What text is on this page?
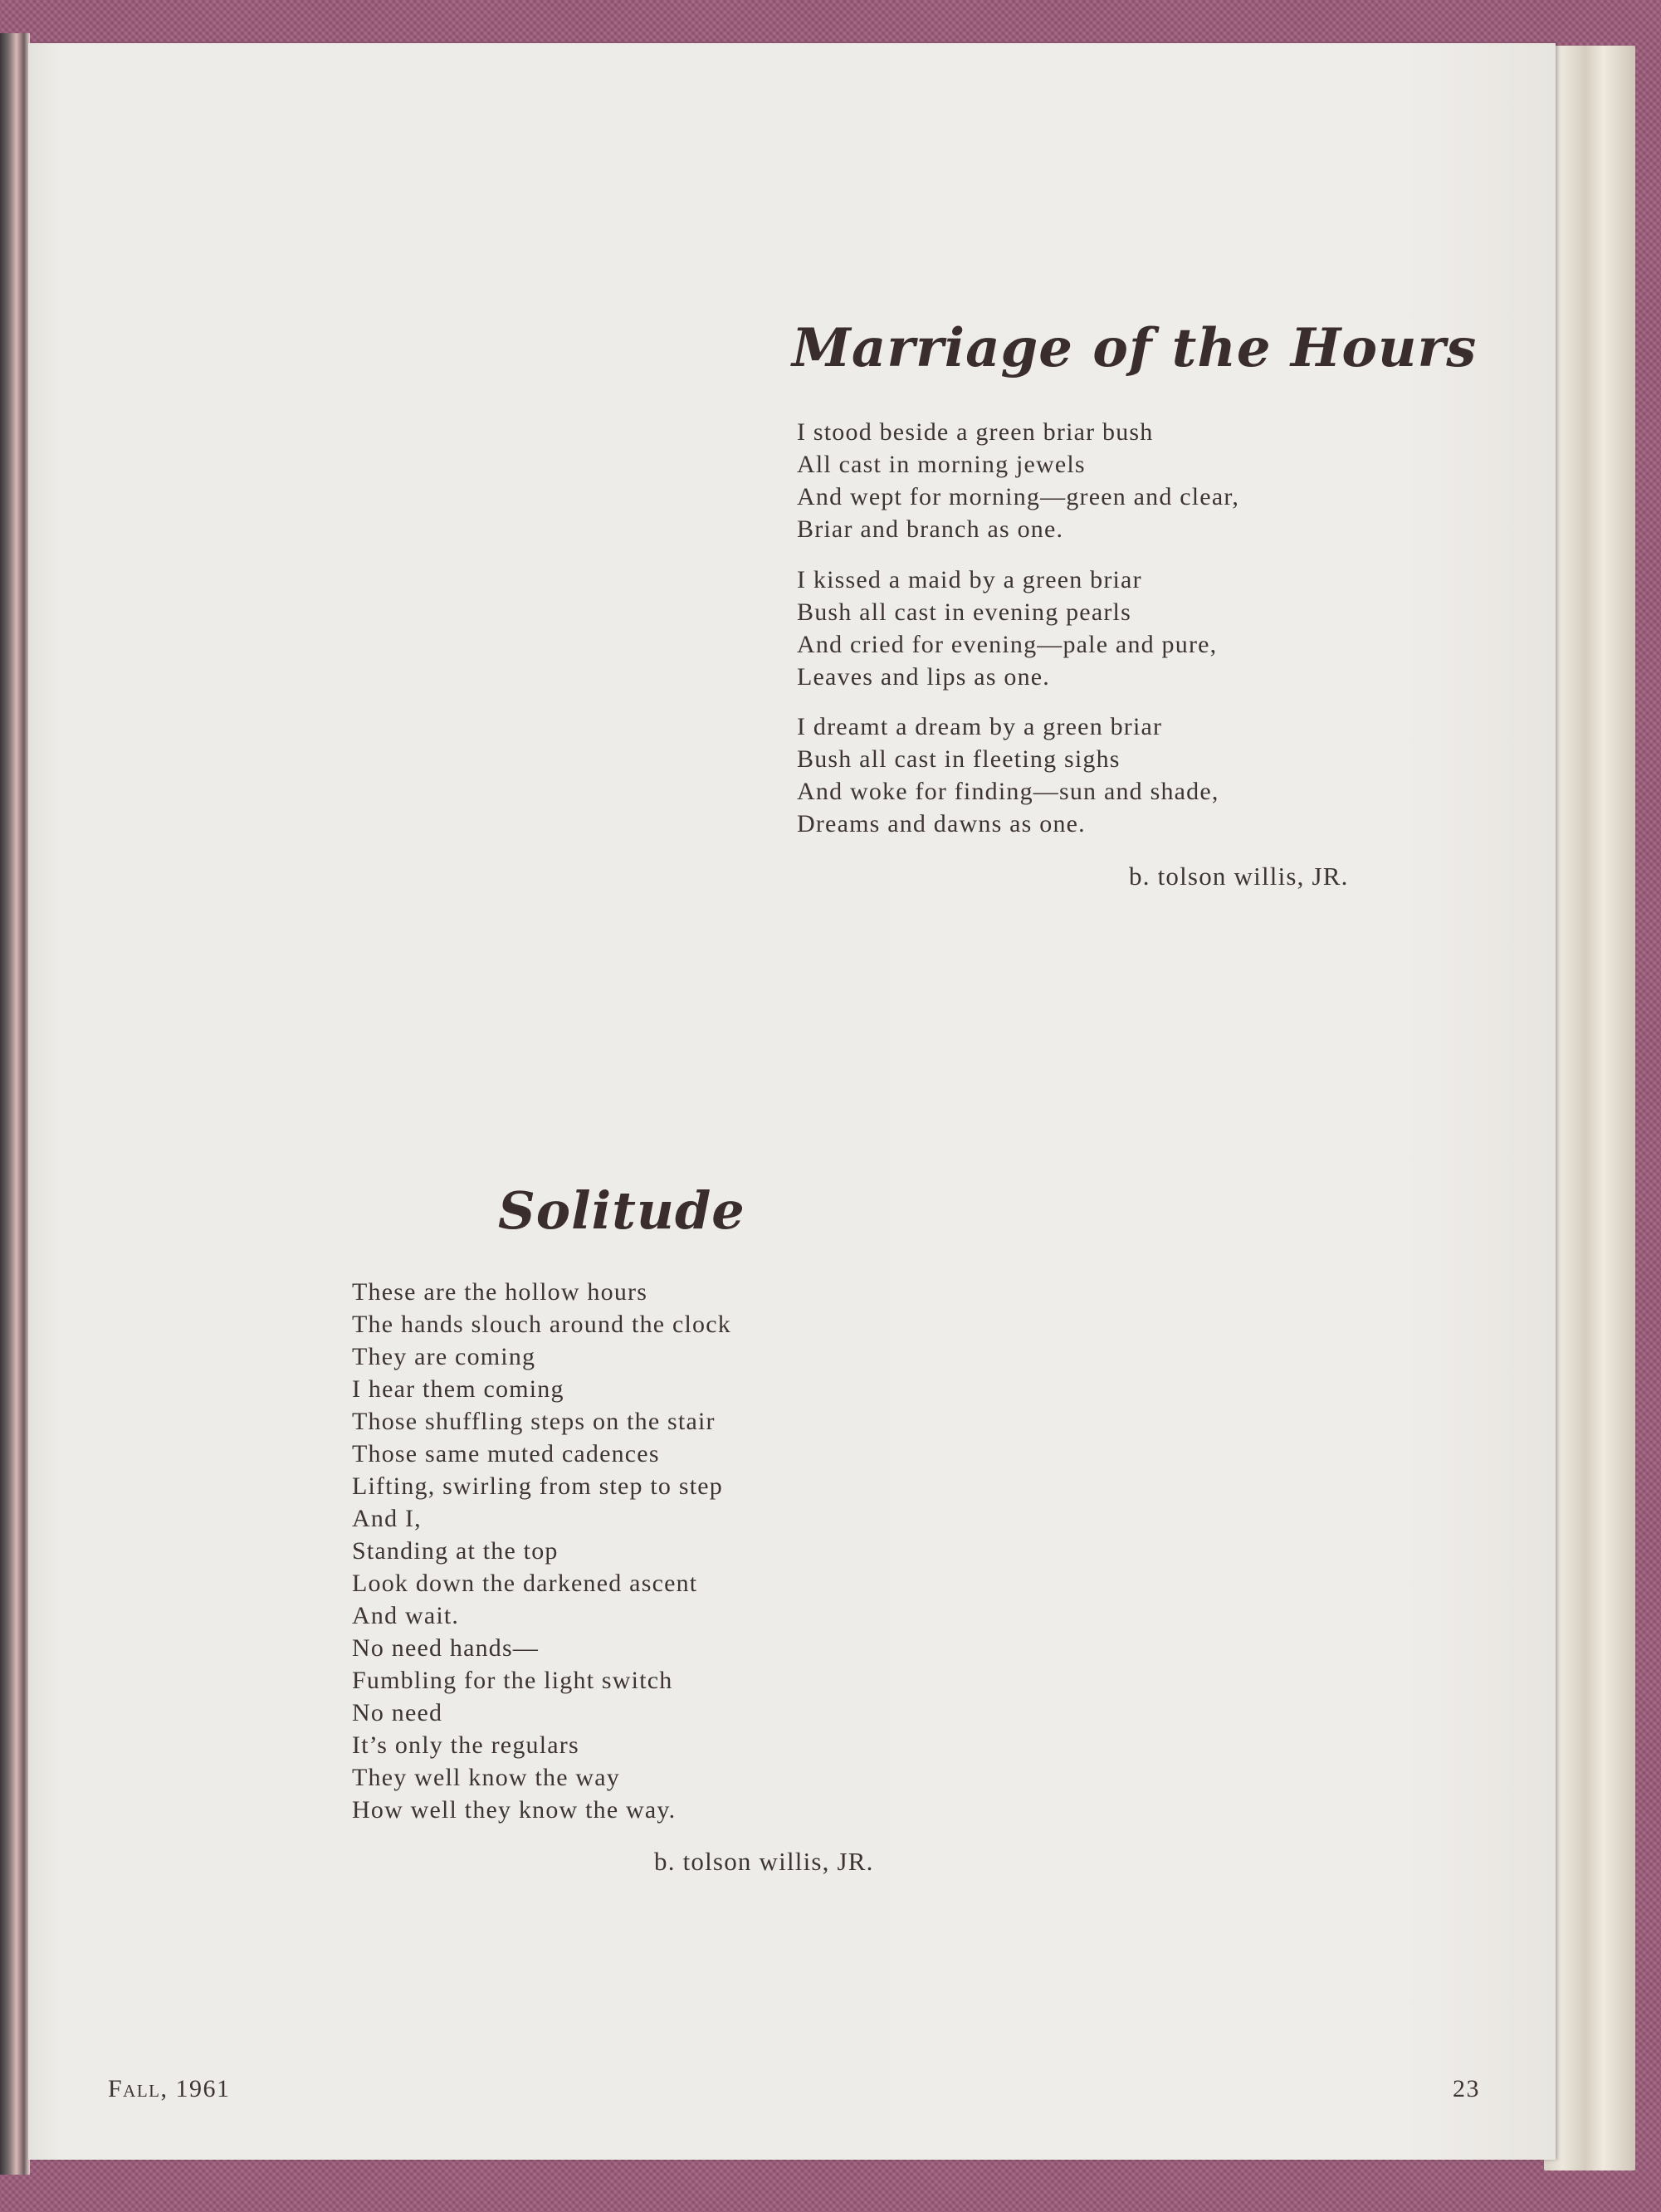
Marriage of the Hours
I stood beside a green briar bush
All cast in morning jewels
And wept for morning—green and clear,
Briar and branch as one.
I kissed a maid by a green briar
Bush all cast in evening pearls
And cried for evening—pale and pure,
Leaves and lips as one.
I dreamt a dream by a green briar
Bush all cast in fleeting sighs
And woke for finding—sun and shade,
Dreams and dawns as one.
b. tolson willis, JR.
Solitude
These are the hollow hours
The hands slouch around the clock
They are coming
I hear them coming
Those shuffling steps on the stair
Those same muted cadences
Lifting, swirling from step to step
And I,
Standing at the top
Look down the darkened ascent
And wait.
No need hands—
Fumbling for the light switch
No need
It’s only the regulars
They well know the way
How well they know the way.
b. tolson willis, JR.
Fall, 1961	23
